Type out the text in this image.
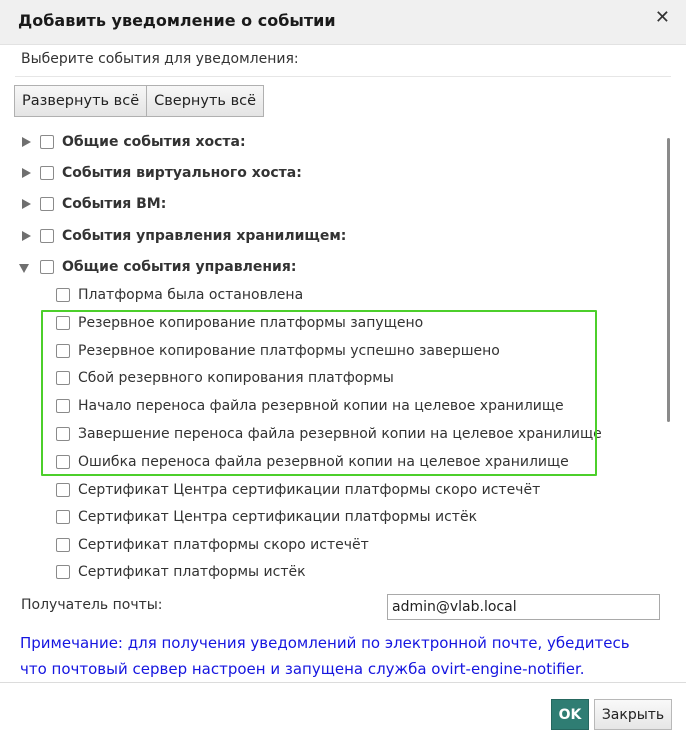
Добавить уведомление о событии	✕
Выберите события для уведомления:
Развернуть всё	Свернуть всё
Общие события хоста:
События виртуального хоста:
События ВМ:
События управления хранилищем:
Общие события управления:
Платформа была остановлена
Резервное копирование платформы запущено
Резервное копирование платформы успешно завершено
Сбой резервного копирования платформы
Начало переноса файла резервной копии на целевое хранилище
Завершение переноса файла резервной копии на целевое хранилище
Ошибка переноса файла резервной копии на целевое хранилище
Сертификат Центра сертификации платформы скоро истечёт
Сертификат Центра сертификации платформы истёк
Сертификат платформы скоро истечёт
Сертификат платформы истёк
Получатель почты:
admin@vlab.local
Примечание: для получения уведомлений по электронной почте, убедитесь что почтовый сервер настроен и запущена служба ovirt-engine-notifier.
OK	Закрыть
